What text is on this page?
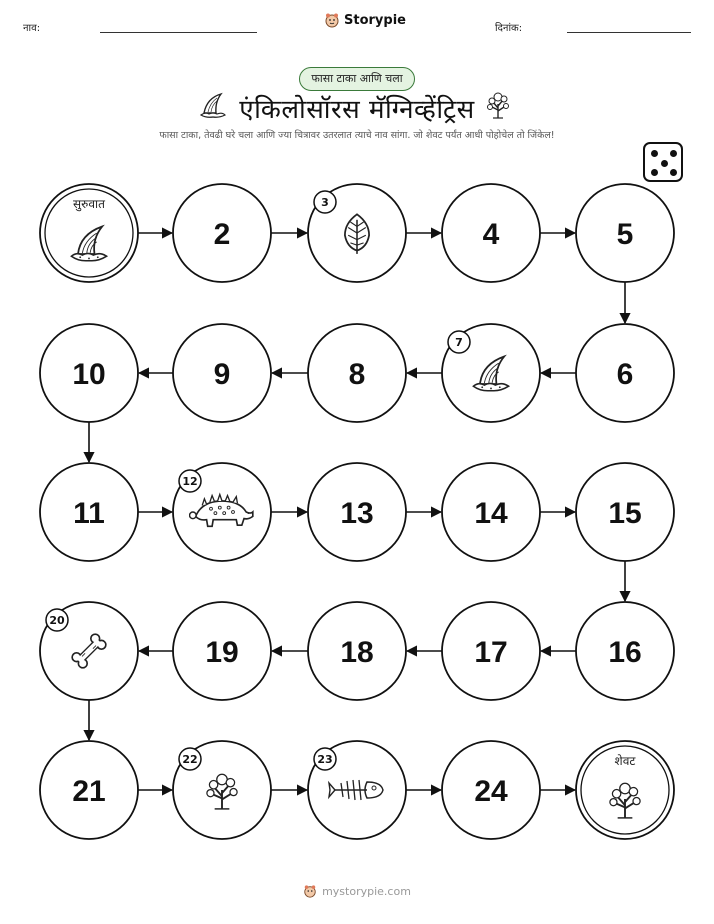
नाव:
Storypie
दिनांक:
फासा टाका आणि चला
एंकिलोसॉरस मॅग्निव्हेंट्रिस
फासा टाका, तेवढी घरे चला आणि ज्या चित्रावर उतरलात त्याचे नाव सांगा. जो शेवट पर्यंत आधी पोहोचेल तो जिंकेल!
सुरुवात
2
3
4	5
6
7
8
9
10
11
12
13	14	15
16
17
18
19
20
21
22	23
24
शेवट
mystorypie.com
